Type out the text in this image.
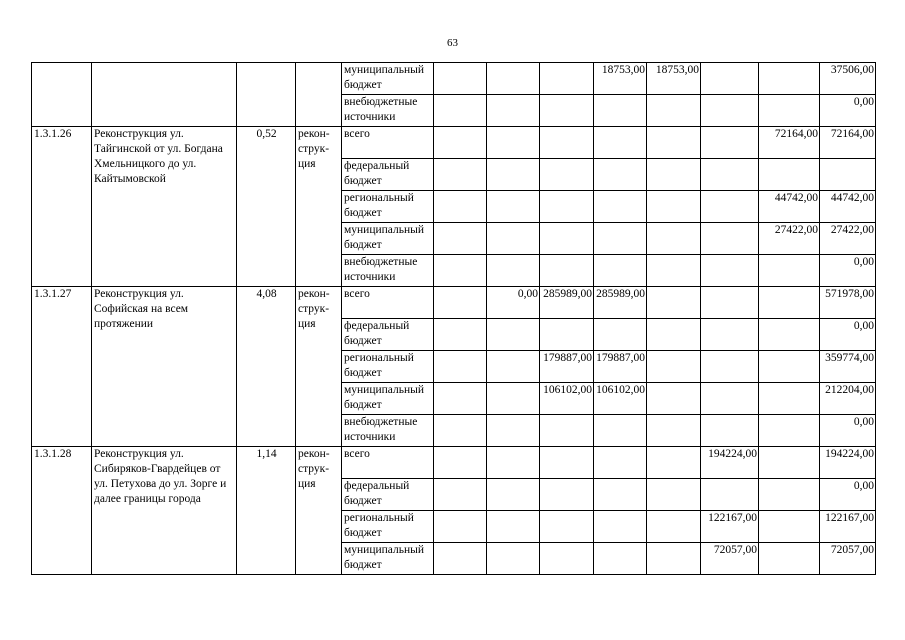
63
				муниципальный бюджет				18753,00	18753,00			37506,00
				внебюджетные источники								0,00
1.3.1.26	Реконструкция ул. Тайгинской от ул. Богдана Хмельницкого до ул. Кайтымовской	0,52	рекон-струк-ция	всего							72164,00	72164,00
				федеральный бюджет								
				региональный бюджет							44742,00	44742,00
				муниципальный бюджет							27422,00	27422,00
				внебюджетные источники								0,00
1.3.1.27	Реконструкция ул. Софийская на всем протяжении	4,08	рекон-струк-ция	всего		0,00	285989,00	285989,00				571978,00
				федеральный бюджет								0,00
				региональный бюджет			179887,00	179887,00				359774,00
				муниципальный бюджет			106102,00	106102,00				212204,00
				внебюджетные источники								0,00
1.3.1.28	Реконструкция ул. Сибиряков-Гвардейцев от ул. Петухова до ул. Зорге и далее границы города	1,14	рекон-струк-ция	всего						194224,00		194224,00
				федеральный бюджет								0,00
				региональный бюджет						122167,00		122167,00
				муниципальный бюджет						72057,00		72057,00
